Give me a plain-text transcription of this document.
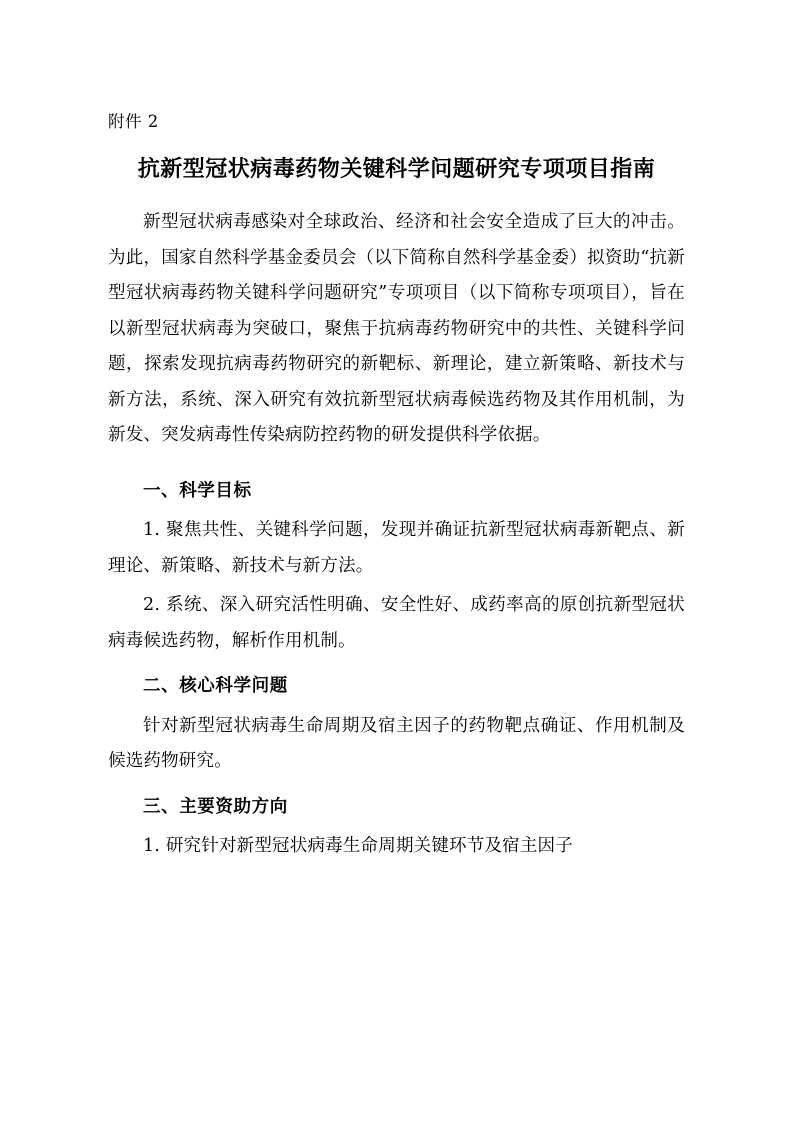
附件 2
抗新型冠状病毒药物关键科学问题研究专项项目指南

新型冠状病毒感染对全球政治、经济和社会安全造成了巨大的冲击。为此，国家自然科学基金委员会（以下简称自然科学基金委）拟资助“抗新型冠状病毒药物关键科学问题研究”专项项目（以下简称专项项目），旨在以新型冠状病毒为突破口，聚焦于抗病毒药物研究中的共性、关键科学问题，探索发现抗病毒药物研究的新靶标、新理论，建立新策略、新技术与新方法，系统、深入研究有效抗新型冠状病毒候选药物及其作用机制，为新发、突发病毒性传染病防控药物的研发提供科学依据。

一、科学目标

1. 聚焦共性、关键科学问题，发现并确证抗新型冠状病毒新靶点、新理论、新策略、新技术与新方法。

2. 系统、深入研究活性明确、安全性好、成药率高的原创抗新型冠状病毒候选药物，解析作用机制。

二、核心科学问题

针对新型冠状病毒生命周期及宿主因子的药物靶点确证、作用机制及候选药物研究。

三、主要资助方向

1. 研究针对新型冠状病毒生命周期关键环节及宿主因子
